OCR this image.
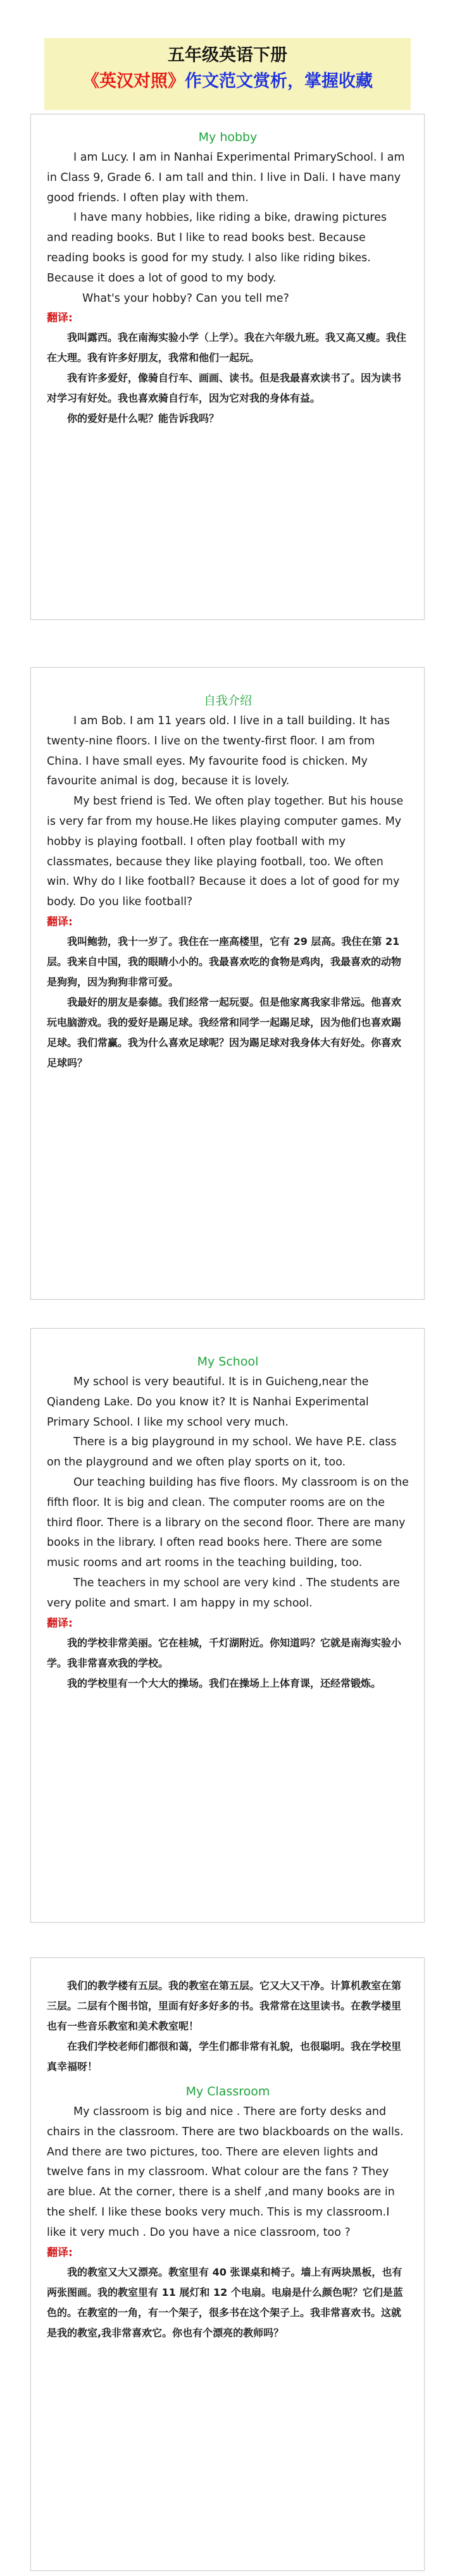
五年级英语下册
《英汉对照》作文范文赏析，掌握收藏
My hobby

I am Lucy. I am in Nanhai Experimental PrimarySchool. I am in Class 9, Grade 6. I am tall and thin. I live in Dali. I have many good friends. I often play with them.

I have many hobbies, like riding a bike, drawing pictures and reading books. But I like to read books best. Because reading books is good for my study. I also like riding bikes. Because it does a lot of good to my body.

What's your hobby? Can you tell me?

翻译:

我叫露西。我在南海实验小学（上学）。我在六年级九班。我又高又瘦。我住在大理。我有许多好朋友，我常和他们一起玩。

我有许多爱好，像骑自行车、画画、读书。但是我最喜欢读书了。因为读书对学习有好处。我也喜欢骑自行车，因为它对我的身体有益。

你的爱好是什么呢？能告诉我吗？

自我介绍

I am Bob. I am 11 years old. I live in a tall building. It has twenty-nine floors. I live on the twenty-first floor. I am from China. I have small eyes. My favourite food is chicken. My favourite animal is dog, because it is lovely.

My best friend is Ted. We often play together. But his house is very far from my house.He likes playing computer games. My hobby is playing football. I often play football with my classmates, because they like playing football, too. We often win. Why do I like football? Because it does a lot of good for my body. Do you like football?

翻译:

我叫鲍勃，我十一岁了。我住在一座高楼里，它有 29 层高。我住在第 21 层。我来自中国，我的眼睛小小的。我最喜欢吃的食物是鸡肉，我最喜欢的动物是狗狗，因为狗狗非常可爱。

我最好的朋友是泰德。我们经常一起玩耍。但是他家离我家非常远。他喜欢玩电脑游戏。我的爱好是踢足球。我经常和同学一起踢足球，因为他们也喜欢踢足球。我们常赢。我为什么喜欢足球呢？因为踢足球对我身体大有好处。你喜欢足球吗？

My School

My school is very beautiful. It is in Guicheng,near the Qiandeng Lake. Do you know it? It is Nanhai Experimental Primary School. I like my school very much.

There is a big playground in my school. We have P.E. class on the playground and we often play sports on it, too.

Our teaching building has five floors. My classroom is on the fifth floor. It is big and clean. The computer rooms are on the third floor. There is a library on the second floor. There are many books in the library. I often read books here. There are some music rooms and art rooms in the teaching building, too.

The teachers in my school are very kind . The students are very polite and smart. I am happy in my school.

翻译:

我的学校非常美丽。它在桂城，千灯湖附近。你知道吗？它就是南海实验小学。我非常喜欢我的学校。

我的学校里有一个大大的操场。我们在操场上上体育课，还经常锻炼。

我们的教学楼有五层。我的教室在第五层。它又大又干净。计算机教室在第三层。二层有个图书馆，里面有好多好多的书。我常常在这里读书。在教学楼里也有一些音乐教室和美术教室呢！

在我们学校老师们都很和蔼，学生们都非常有礼貌，也很聪明。我在学校里真幸福呀！

My Classroom

My classroom is big and nice . There are forty desks and chairs in the classroom. There are two blackboards on the walls. And there are two pictures, too. There are eleven lights and twelve fans in my classroom. What colour are the fans ? They are blue. At the corner, there is a shelf ,and many books are in the shelf. I like these books very much. This is my classroom.I like it very much . Do you have a nice classroom, too ?

翻译:

我的教室又大又漂亮。教室里有 40 张课桌和椅子。墙上有两块黑板，也有两张图画。我的教室里有 11 展灯和 12 个电扇。电扇是什么颜色呢？它们是蓝色的。在教室的一角，有一个架子，很多书在这个架子上。我非常喜欢书。这就是我的教室,我非常喜欢它。你也有个漂亮的教师吗？
